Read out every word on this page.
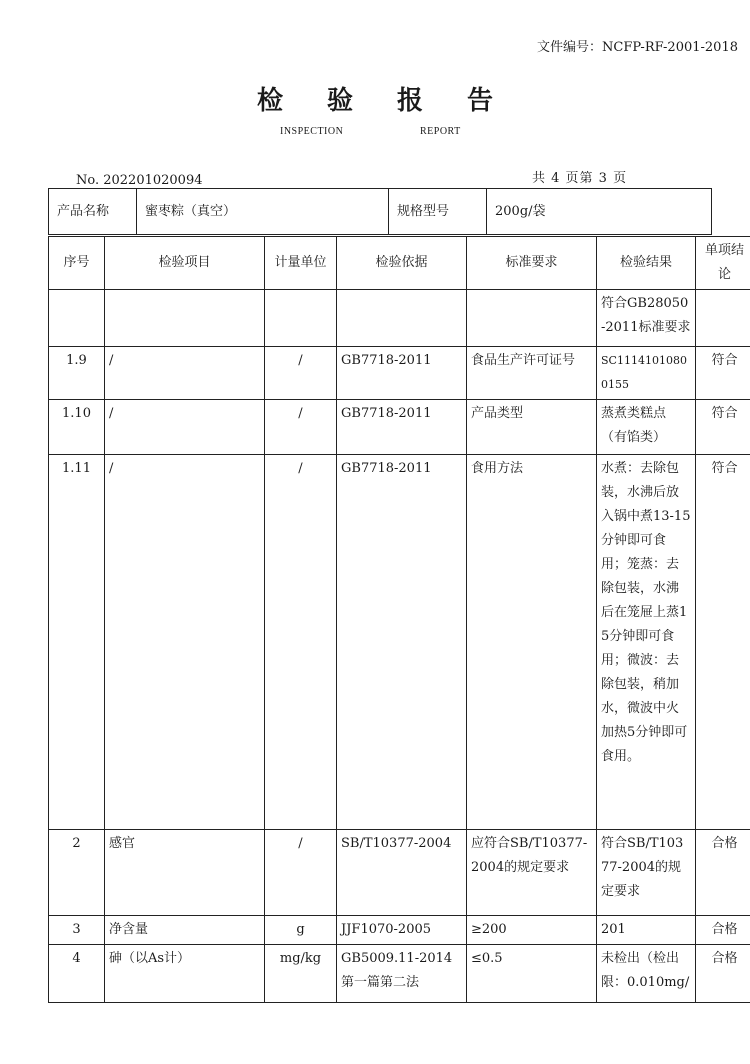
文件编号：NCFP-RF-2001-2018
检验报告
INSPECTION	REPORT
No. 202201020094	共 4 页第 3 页
产品名称	蜜枣粽（真空）	规格型号	200g/袋
序号	检验项目	计量单位	检验依据	标准要求	检验结果	单项结论
					符合GB28050-2011标准要求	
1.9	/	/	GB7718-2011	食品生产许可证号	SC11141010800155	符合
1.10	/	/	GB7718-2011	产品类型	蒸煮类糕点（有馅类）	符合
1.11	/	/	GB7718-2011	食用方法	水煮：去除包装，水沸后放入锅中煮13-15分钟即可食用；笼蒸：去除包装，水沸后在笼屉上蒸15分钟即可食用；微波：去除包装，稍加水，微波中火加热5分钟即可食用。	符合
2	感官	/	SB/T10377-2004	应符合SB/T10377-2004的规定要求	符合SB/T10377-2004的规定要求	合格
3	净含量	g	JJF1070-2005	≥200	201	合格
4	砷（以As计）	mg/kg	GB5009.11-2014第一篇第二法	≤0.5	未检出（检出限：0.010mg/	合格
